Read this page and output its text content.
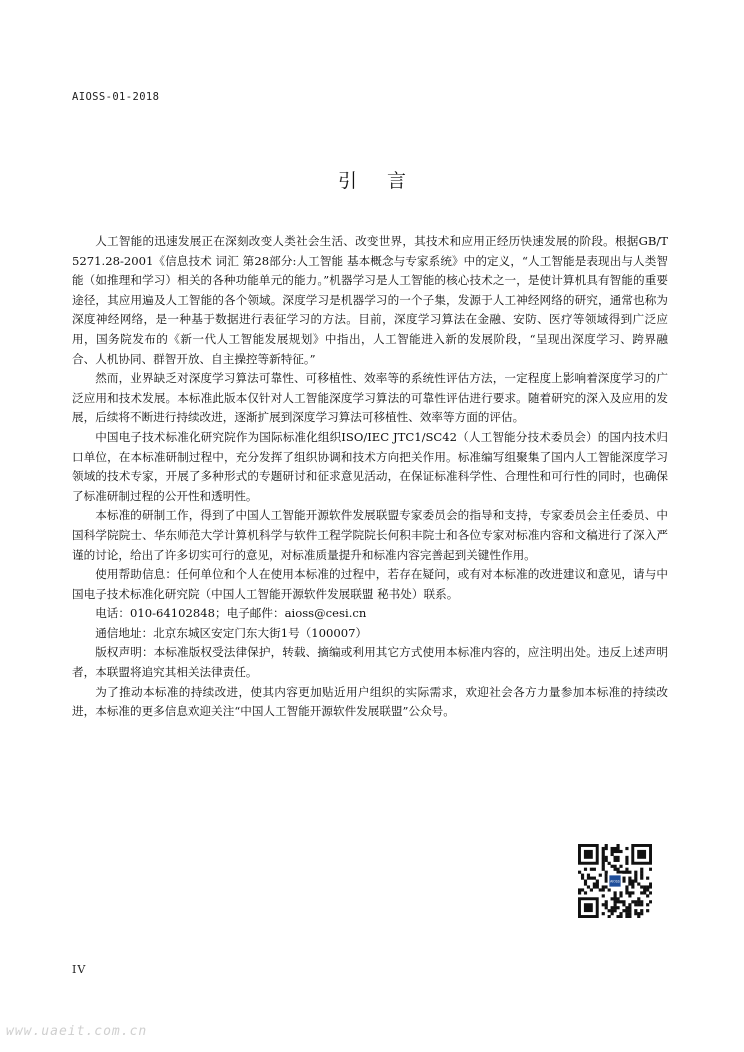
AIOSS-01-2018
引言

人工智能的迅速发展正在深刻改变人类社会生活、改变世界，其技术和应用正经历快速发展的阶段。根据GB/T 5271.28-2001《信息技术 词汇 第28部分:人工智能 基本概念与专家系统》中的定义，“人工智能是表现出与人类智能（如推理和学习）相关的各种功能单元的能力。”机器学习是人工智能的核心技术之一，是使计算机具有智能的重要途径，其应用遍及人工智能的各个领域。深度学习是机器学习的一个子集，发源于人工神经网络的研究，通常也称为深度神经网络，是一种基于数据进行表征学习的方法。目前，深度学习算法在金融、安防、医疗等领域得到广泛应用，国务院发布的《新一代人工智能发展规划》中指出，人工智能进入新的发展阶段，“呈现出深度学习、跨界融合、人机协同、群智开放、自主操控等新特征。”

然而，业界缺乏对深度学习算法可靠性、可移植性、效率等的系统性评估方法，一定程度上影响着深度学习的广泛应用和技术发展。本标准此版本仅针对人工智能深度学习算法的可靠性评估进行要求。随着研究的深入及应用的发展，后续将不断进行持续改进，逐渐扩展到深度学习算法可移植性、效率等方面的评估。

中国电子技术标准化研究院作为国际标准化组织ISO/IEC JTC1/SC42（人工智能分技术委员会）的国内技术归口单位，在本标准研制过程中，充分发挥了组织协调和技术方向把关作用。标准编写组聚集了国内人工智能深度学习领域的技术专家，开展了多种形式的专题研讨和征求意见活动，在保证标准科学性、合理性和可行性的同时，也确保了标准研制过程的公开性和透明性。

本标准的研制工作，得到了中国人工智能开源软件发展联盟专家委员会的指导和支持，专家委员会主任委员、中国科学院院士、华东师范大学计算机科学与软件工程学院院长何积丰院士和各位专家对标准内容和文稿进行了深入严谨的讨论，给出了许多切实可行的意见，对标准质量提升和标准内容完善起到关键性作用。

使用帮助信息：任何单位和个人在使用本标准的过程中，若存在疑问，或有对本标准的改进建议和意见，请与中国电子技术标准化研究院（中国人工智能开源软件发展联盟 秘书处）联系。

电话：010-64102848；电子邮件：aioss@cesi.cn

通信地址：北京东城区安定门东大街1号（100007）

版权声明：本标准版权受法律保护，转载、摘编或利用其它方式使用本标准内容的，应注明出处。违反上述声明者，本联盟将追究其相关法律责任。

为了推动本标准的持续改进，使其内容更加贴近用户组织的实际需求，欢迎社会各方力量参加本标准的持续改进，本标准的更多信息欢迎关注“中国人工智能开源软件发展联盟”公众号。

AIOSS
IV
www.uaeit.com.cn
